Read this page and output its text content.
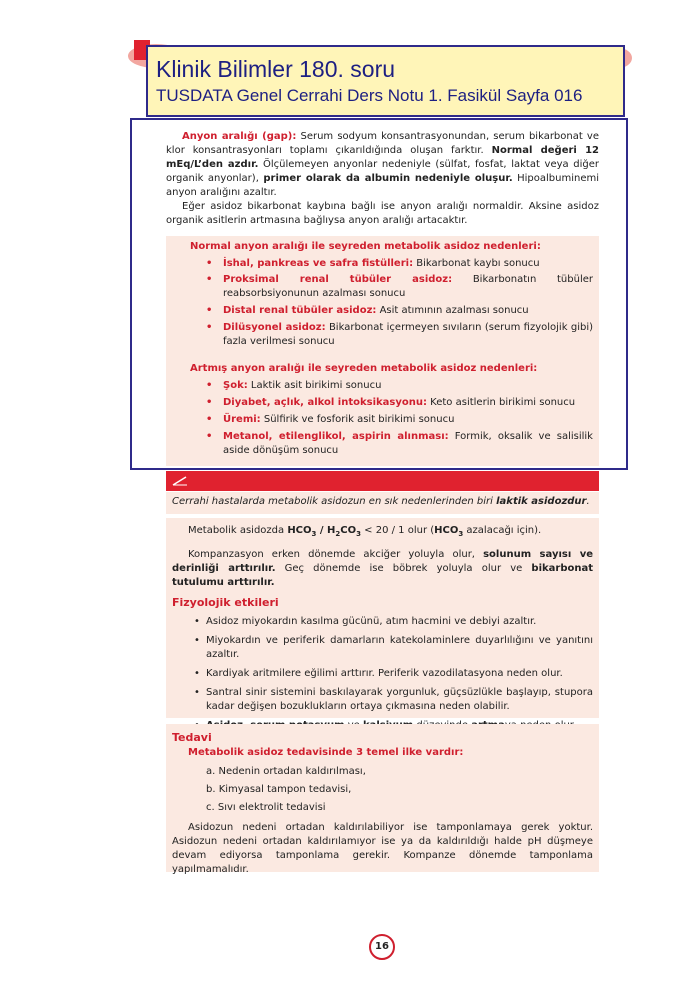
Klinik Bilimler 180. soru
TUSDATA Genel Cerrahi Ders Notu 1. Fasikül Sayfa 016

Anyon aralığı (gap): Serum sodyum konsantrasyonundan, serum bikarbonat ve klor konsantrasyonları toplamı çıkarıldığında oluşan farktır. Normal değeri 12 mEq/L’den azdır. Ölçülemeyen anyonlar nedeniyle (sülfat, fosfat, laktat veya diğer organik anyonlar), primer olarak da albumin nedeniyle oluşur. Hipoalbuminemi anyon aralığını azaltır.

Eğer asidoz bikarbonat kaybına bağlı ise anyon aralığı normaldir. Aksine asidoz organik asitlerin artmasına bağlıysa anyon aralığı artacaktır.

Normal anyon aralığı ile seyreden metabolik asidoz nedenleri:
• İshal, pankreas ve safra fistülleri: Bikarbonat kaybı sonucu
• Proksimal renal tübüler asidoz: Bikarbonatın tübüler reabsorbsiyonunun azalması sonucu
• Distal renal tübüler asidoz: Asit atımının azalması sonucu
• Dilüsyonel asidoz: Bikarbonat içermeyen sıvıların (serum fizyolojik gibi) fazla verilmesi sonucu
Artmış anyon aralığı ile seyreden metabolik asidoz nedenleri:
• Şok: Laktik asit birikimi sonucu
• Diyabet, açlık, alkol intoksikasyonu: Keto asitlerin birikimi sonucu
• Üremi: Sülfirik ve fosforik asit birikimi sonucu
• Metanol, etilenglikol, aspirin alınması: Formik, oksalik ve salisilik aside dönüşüm sonucu

Cerrahi hastalarda metabolik asidozun en sık nedenlerinden biri laktik asidozdur.

Metabolik asidozda $HCO_3 / H_2CO_3 < 20 / 1$ olur ($HCO_3$ azalacağı için).

Kompanzasyon erken dönemde akciğer yoluyla olur, solunum sayısı ve derinliği arttırılır. Geç dönemde ise böbrek yoluyla olur ve bikarbonat tutulumu arttırılır.

Fizyolojik etkileri
• Asidoz miyokardın kasılma gücünü, atım hacmini ve debiyi azaltır.
• Miyokardın ve periferik damarların katekolaminlere duyarlılığını ve yanıtını azaltır.
• Kardiyak aritmilere eğilimi arttırır. Periferik vazodilatasyona neden olur.
• Santral sinir sistemini baskılayarak yorgunluk, güçsüzlükle başlayıp, stupora kadar değişen bozuklukların ortaya çıkmasına neden olabilir.
•
Tedavi

Metabolik asidoz tedavisinde 3 temel ilke vardır:

a. Nedenin ortadan kaldırılması,

b. Kimyasal tampon tedavisi,

c. Sıvı elektrolit tedavisi

Asidozun nedeni ortadan kaldırılabiliyor ise tamponlamaya gerek yoktur. Asidozun nedeni ortadan kaldırılamıyor ise ya da kaldırıldığı halde pH düşmeye devam ediyorsa tamponlama gerekir. Kompanze dönemde tamponlama yapılmamalıdır.

16
